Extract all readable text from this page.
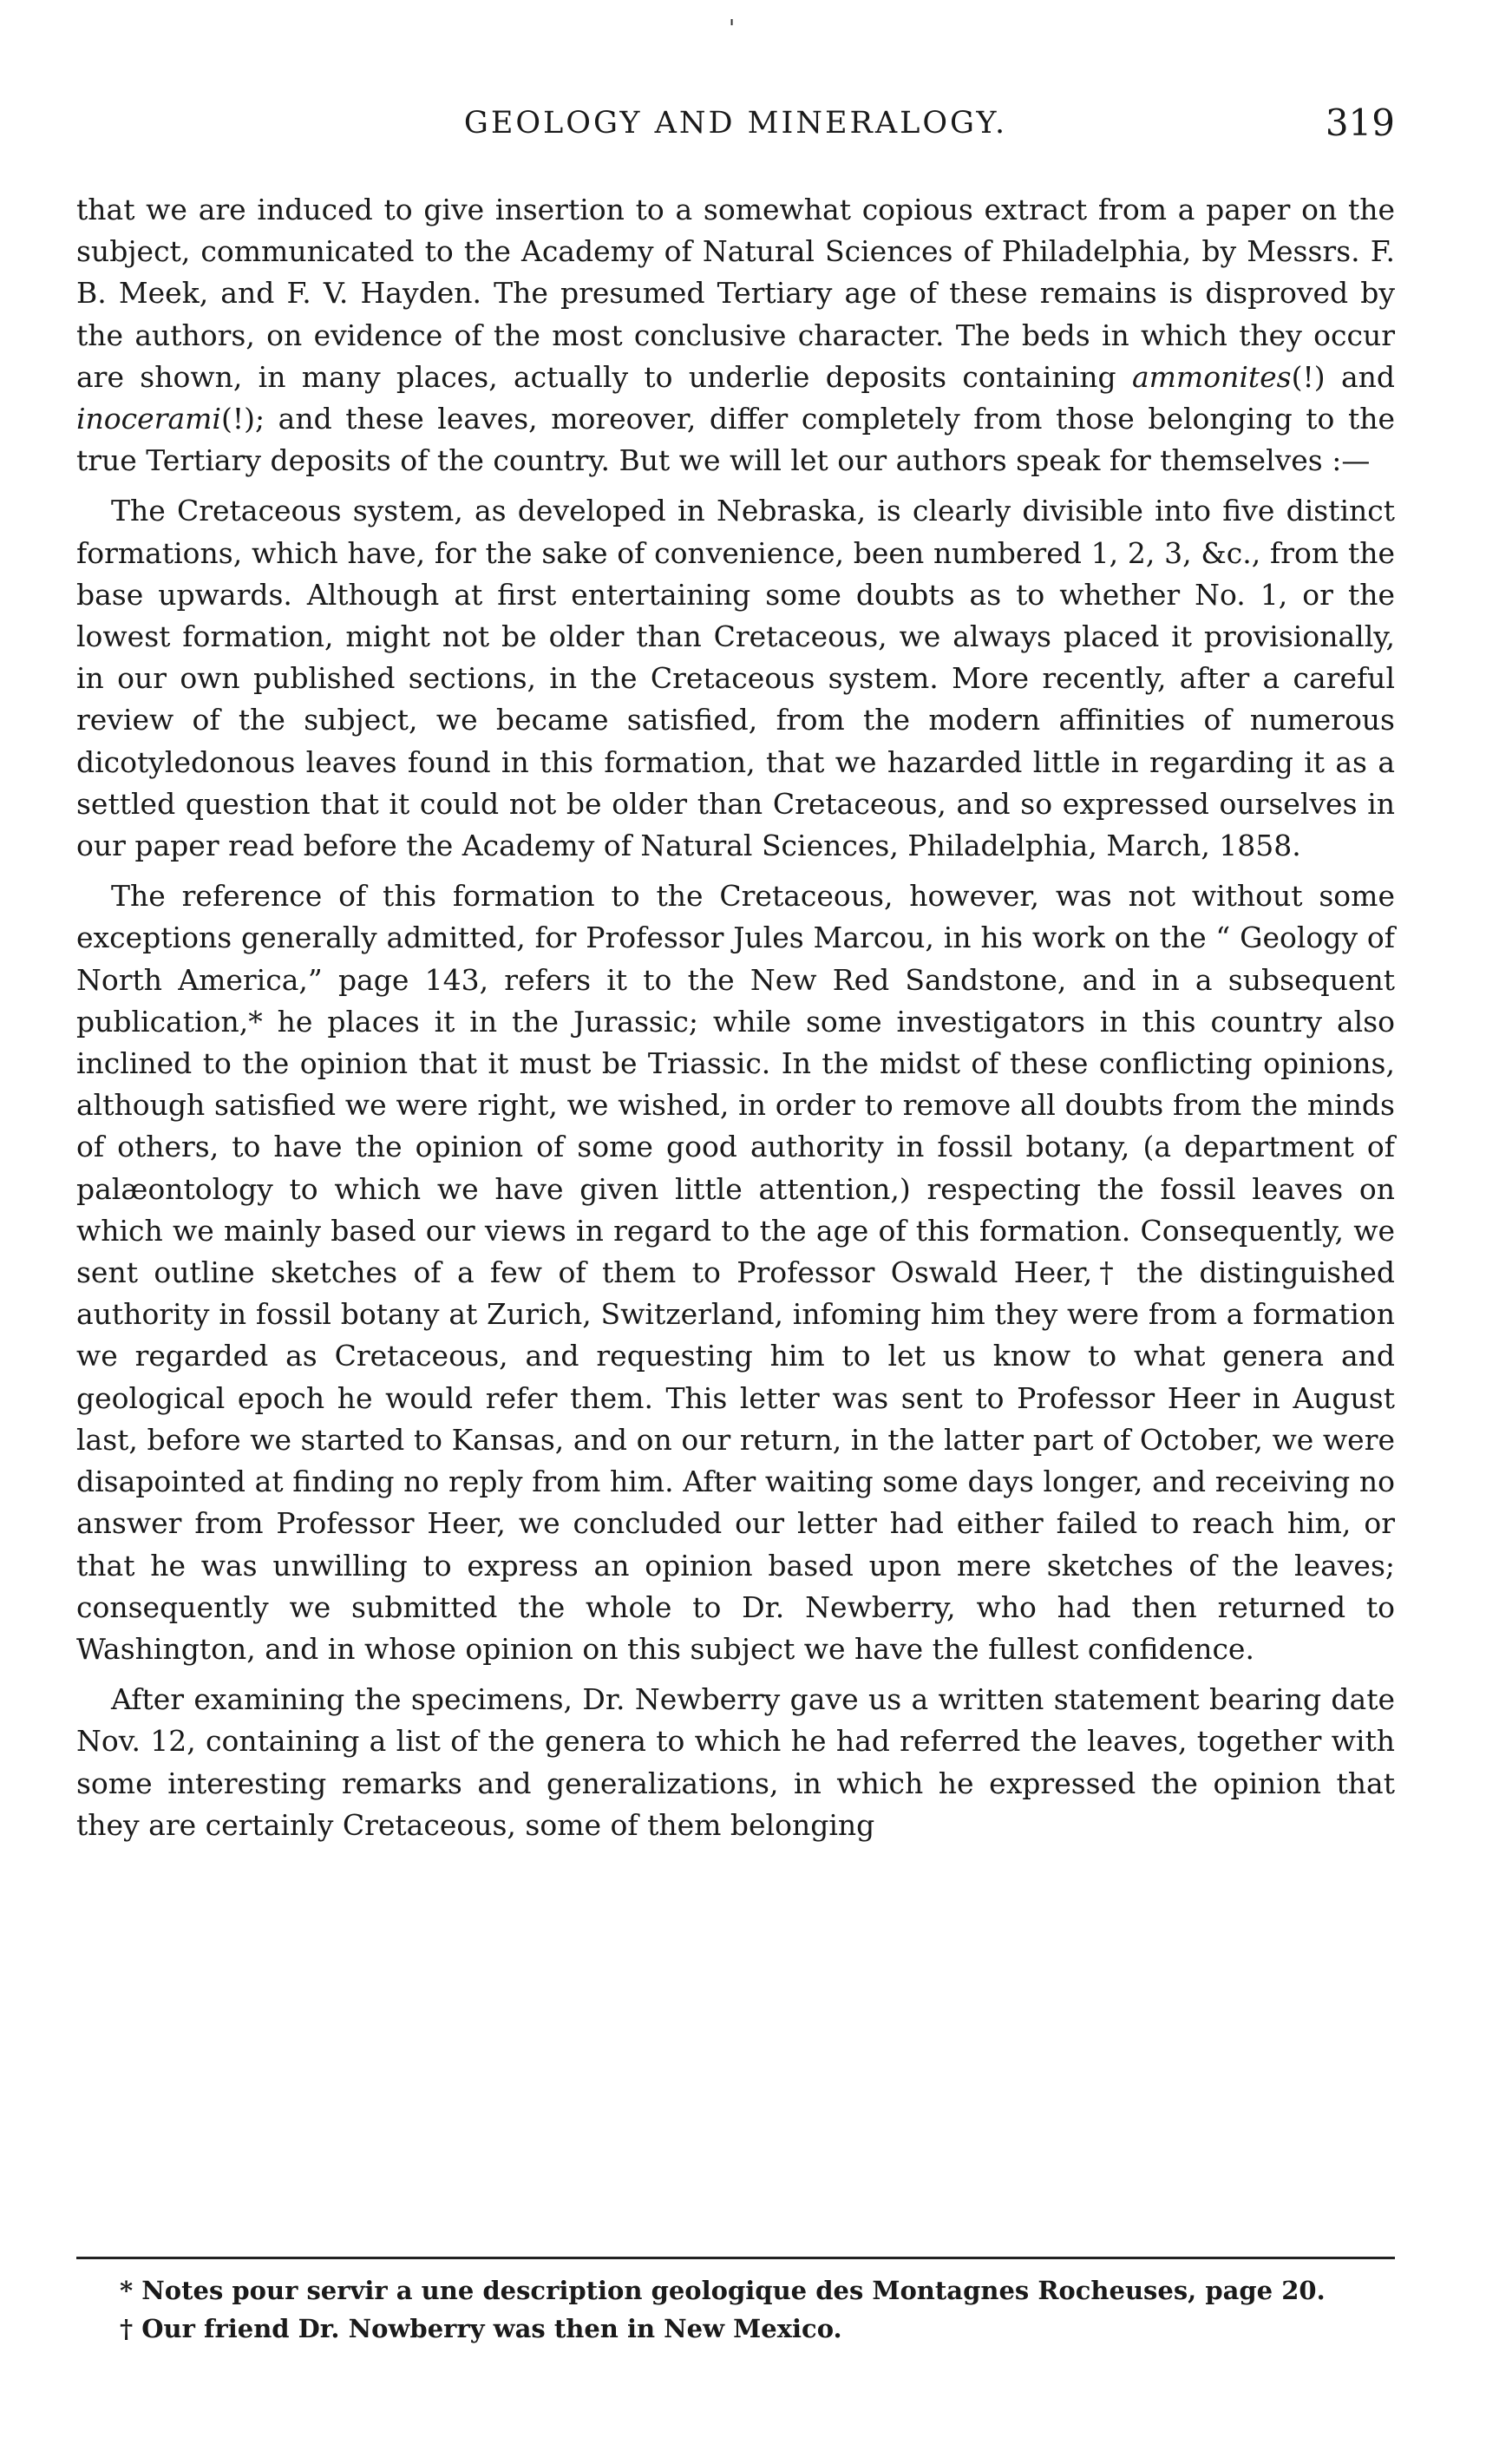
'
GEOLOGY AND MINERALOGY.	319

that we are induced to give insertion to a somewhat copious extract from a paper on the subject, communicated to the Academy of Natural Sciences of Philadelphia, by Messrs. F. B. Meek, and F. V. Hayden. The presumed Tertiary age of these remains is disproved by the authors, on evidence of the most conclusive character. The beds in which they occur are shown, in many places, actually to underlie deposits containing ammonites(!) and inocerami(!); and these leaves, moreover, differ completely from those belonging to the true Tertiary deposits of the country. But we will let our authors speak for themselves :—

The Cretaceous system, as developed in Nebraska, is clearly divisible into five distinct formations, which have, for the sake of convenience, been numbered 1, 2, 3, &c., from the base upwards. Although at first entertaining some doubts as to whether No. 1, or the lowest formation, might not be older than Cretaceous, we always placed it provisionally, in our own published sections, in the Cretaceous system. More recently, after a careful review of the subject, we became satisfied, from the modern affinities of numerous dicotyledonous leaves found in this formation, that we hazarded little in regarding it as a settled question that it could not be older than Cretaceous, and so expressed ourselves in our paper read before the Academy of Natural Sciences, Philadelphia, March, 1858.

The reference of this formation to the Cretaceous, however, was not without some exceptions generally admitted, for Professor Jules Marcou, in his work on the “ Geology of North America,” page 143, refers it to the New Red Sandstone, and in a subsequent publication,* he places it in the Jurassic; while some investigators in this country also inclined to the opinion that it must be Triassic. In the midst of these conflicting opinions, although satisfied we were right, we wished, in order to remove all doubts from the minds of others, to have the opinion of some good authority in fossil botany, (a department of palæontology to which we have given little attention,) respecting the fossil leaves on which we mainly based our views in regard to the age of this formation. Consequently, we sent outline sketches of a few of them to Professor Oswald Heer,† the distinguished authority in fossil botany at Zurich, Switzerland, infoming him they were from a formation we regarded as Cretaceous, and requesting him to let us know to what genera and geological epoch he would refer them. This letter was sent to Professor Heer in August last, before we started to Kansas, and on our return, in the latter part of October, we were disapointed at finding no reply from him. After waiting some days longer, and receiving no answer from Professor Heer, we concluded our letter had either failed to reach him, or that he was unwilling to express an opinion based upon mere sketches of the leaves; consequently we submitted the whole to Dr. Newberry, who had then returned to Washington, and in whose opinion on this subject we have the fullest confidence.

After examining the specimens, Dr. Newberry gave us a written statement bearing date Nov. 12, containing a list of the genera to which he had referred the leaves, together with some interesting remarks and generalizations, in which he expressed the opinion that they are certainly Cretaceous, some of them belonging

* Notes pour servir a une description geologique des Montagnes Rocheuses, page 20.

† Our friend Dr. Nowberry was then in New Mexico.
